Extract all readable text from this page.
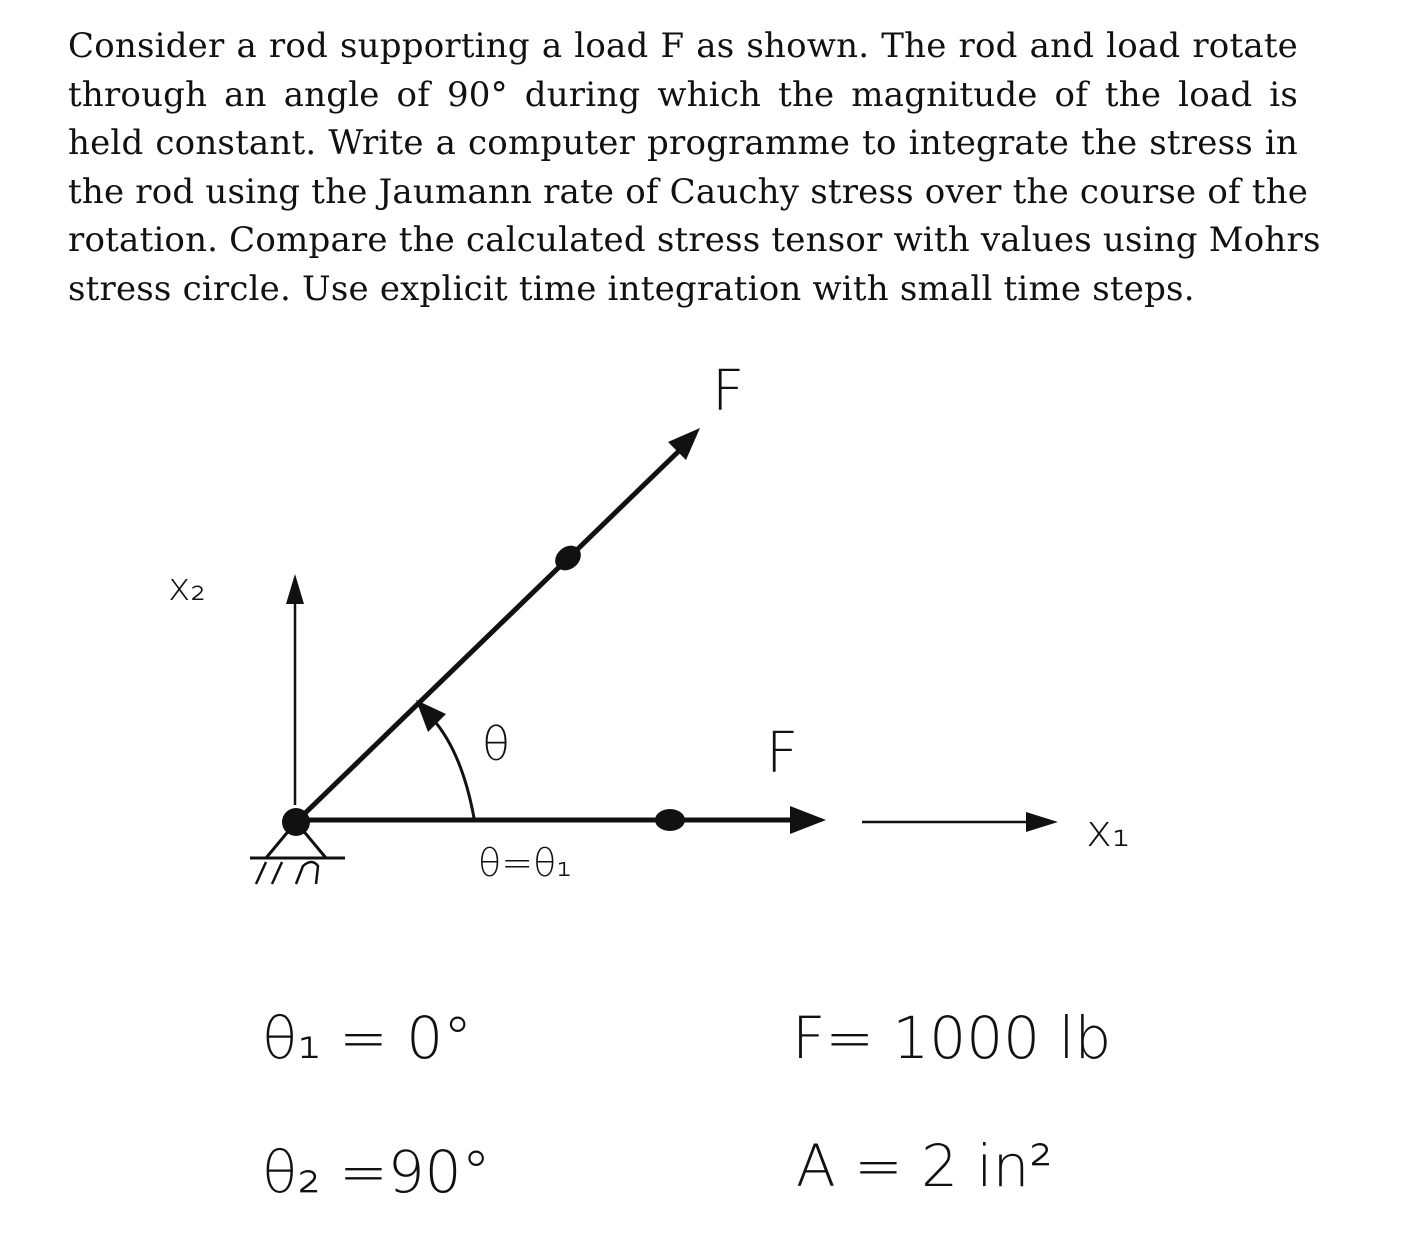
Consider a rod supporting a load F as shown. The rod and load rotate
through an angle of 90° during which the magnitude of the load is
held constant. Write a computer programme to integrate the stress in
the rod using the Jaumann rate of Cauchy stress over the course of the
rotation. Compare the calculated stress tensor with values using Mohrs
stress circle. Use explicit time integration with small time steps.
x₂
F
F
θ
θ=θ₁
x₁
θ₁ = 0°
θ₂ =90°
F= 1000 lb
A = 2 in²
